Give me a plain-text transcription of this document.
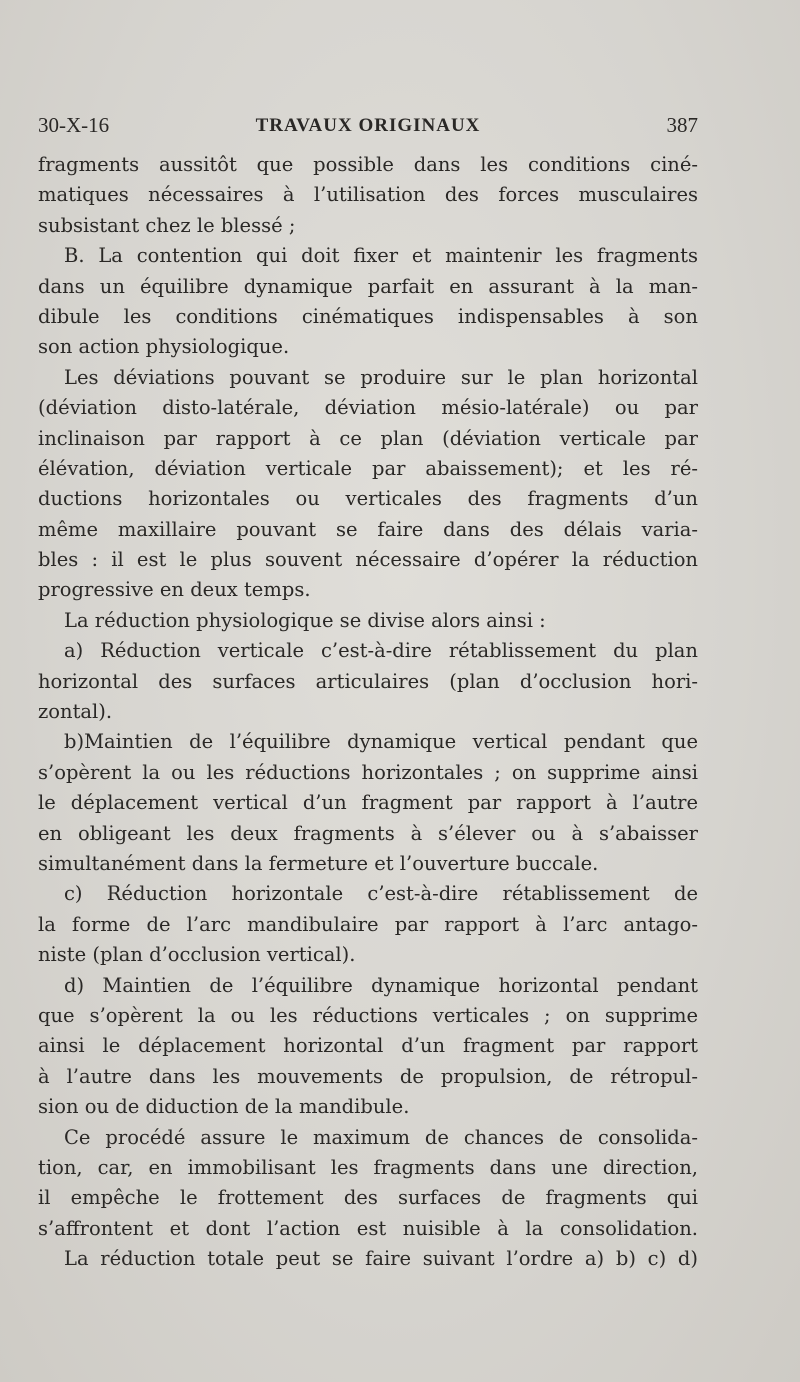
30-X-16	TRAVAUX ORIGINAUX	387
fragments aussitôt que possible dans les conditions ciné-
matiques nécessaires à l’utilisation des forces musculaires
subsistant chez le blessé ;
B. La contention qui doit fixer et maintenir les fragments
dans un équilibre dynamique parfait en assurant à la man-
dibule les conditions cinématiques indispensables à son
son action physiologique.
Les déviations pouvant se produire sur le plan horizontal
(déviation disto-latérale, déviation mésio-latérale) ou par
inclinaison par rapport à ce plan (déviation verticale par
élévation, déviation verticale par abaissement); et les ré-
ductions horizontales ou verticales des fragments d’un
même maxillaire pouvant se faire dans des délais varia-
bles : il est le plus souvent nécessaire d’opérer la réduction
progressive en deux temps.
La réduction physiologique se divise alors ainsi :
a) Réduction verticale c’est-à-dire rétablissement du plan
horizontal des surfaces articulaires (plan d’occlusion hori-
zontal).
b)Maintien de l’équilibre dynamique vertical pendant que
s’opèrent la ou les réductions horizontales ; on supprime ainsi
le déplacement vertical d’un fragment par rapport à l’autre
en obligeant les deux fragments à s’élever ou à s’abaisser
simultanément dans la fermeture et l’ouverture buccale.
c) Réduction horizontale c’est-à-dire rétablissement de
la forme de l’arc mandibulaire par rapport à l’arc antago-
niste (plan d’occlusion vertical).
d) Maintien de l’équilibre dynamique horizontal pendant
que s’opèrent la ou les réductions verticales ; on supprime
ainsi le déplacement horizontal d’un fragment par rapport
à l’autre dans les mouvements de propulsion, de rétropul-
sion ou de diduction de la mandibule.
Ce procédé assure le maximum de chances de consolida-
tion, car, en immobilisant les fragments dans une direction,
il empêche le frottement des surfaces de fragments qui
s’affrontent et dont l’action est nuisible à la consolidation.
La réduction totale peut se faire suivant l’ordre a) b) c) d)
